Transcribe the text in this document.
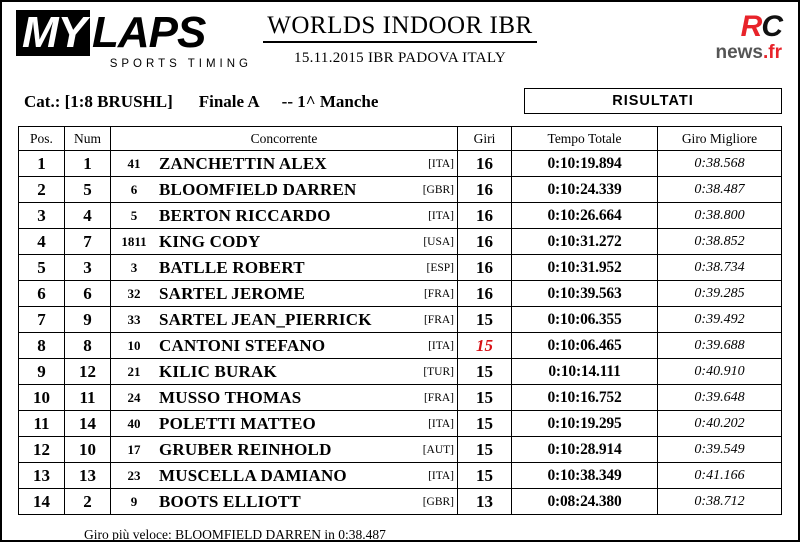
MY LAPS
SPORTS TIMING
WORLDS INDOOR IBR
15.11.2015 IBR PADOVA ITALY
RC
news.fr
Cat.: [1:8 BRUSHL] Finale A -- 1^ Manche	RISULTATI
Pos.	Num	Concorrente	Giri	Tempo Totale	Giro Migliore
1	1	41 ZANCHETTIN ALEX [ITA]	16	0:10:19.894	0:38.568
2	5	6 BLOOMFIELD DARREN [GBR]	16	0:10:24.339	0:38.487
3	4	5 BERTON RICCARDO [ITA]	16	0:10:26.664	0:38.800
4	7	1811 KING CODY [USA]	16	0:10:31.272	0:38.852
5	3	3 BATLLE ROBERT [ESP]	16	0:10:31.952	0:38.734
6	6	32 SARTEL JEROME [FRA]	16	0:10:39.563	0:39.285
7	9	33 SARTEL JEAN_PIERRICK [FRA]	15	0:10:06.355	0:39.492
8	8	10 CANTONI STEFANO [ITA]	15	0:10:06.465	0:39.688
9	12	21 KILIC BURAK [TUR]	15	0:10:14.111	0:40.910
10	11	24 MUSSO THOMAS [FRA]	15	0:10:16.752	0:39.648
11	14	40 POLETTI MATTEO [ITA]	15	0:10:19.295	0:40.202
12	10	17 GRUBER REINHOLD [AUT]	15	0:10:28.914	0:39.549
13	13	23 MUSCELLA DAMIANO [ITA]	15	0:10:38.349	0:41.166
14	2	9 BOOTS ELLIOTT [GBR]	13	0:08:24.380	0:38.712
Giro più veloce: BLOOMFIELD DARREN in 0:38.487
